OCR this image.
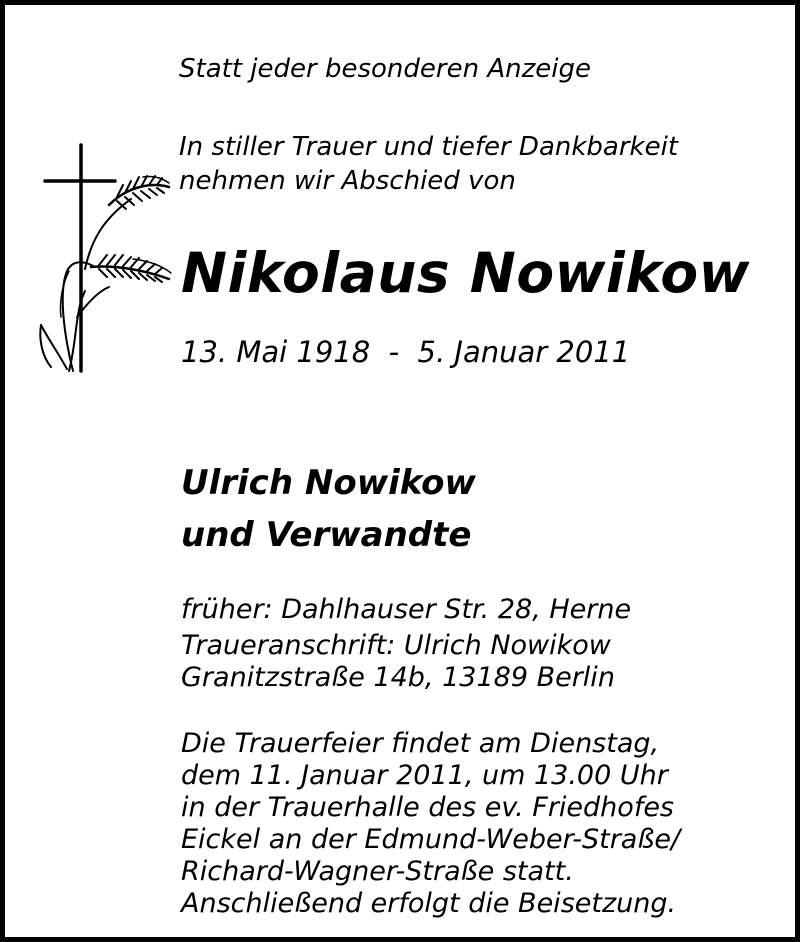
Statt jeder besonderen Anzeige
In stiller Trauer und tiefer Dankbarkeit
nehmen wir Abschied von
Nikolaus Nowikow
13. Mai 1918  -  5. Januar 2011
Ulrich Nowikow
und Verwandte
früher: Dahlhauser Str. 28, Herne
Traueranschrift: Ulrich Nowikow
Granitzstraße 14b, 13189 Berlin
Die Trauerfeier findet am Dienstag,
dem 11. Januar 2011, um 13.00 Uhr
in der Trauerhalle des ev. Friedhofes
Eickel an der Edmund-Weber-Straße/
Richard-Wagner-Straße statt.
Anschließend erfolgt die Beisetzung.
